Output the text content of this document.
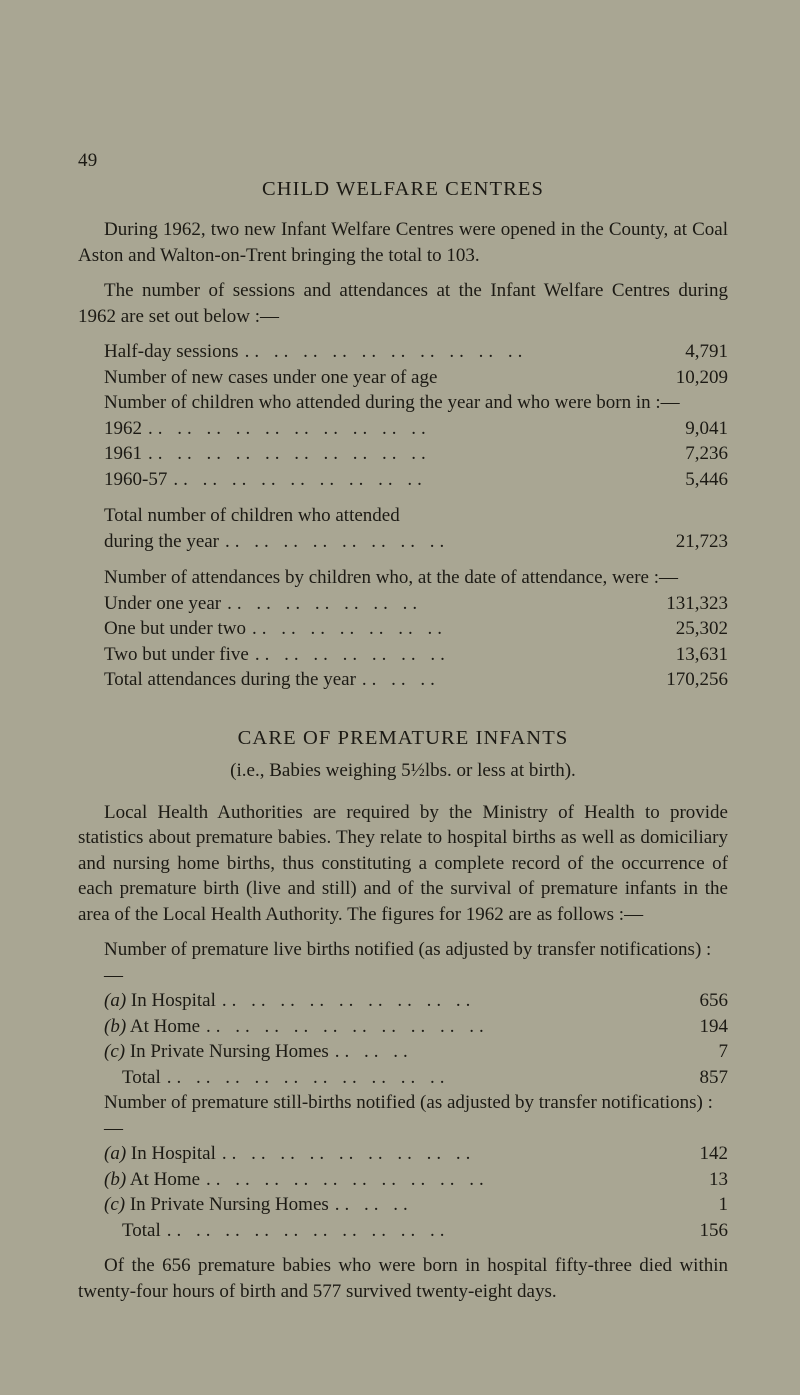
49
CHILD WELFARE CENTRES

During 1962, two new Infant Welfare Centres were opened in the County, at Coal Aston and Walton-on-Trent bringing the total to 103.

The number of sessions and attendances at the Infant Welfare Centres during 1962 are set out below :—

Half-day sessions .. .. .. .. .. .. .. .. .. ..	4,791
Number of new cases under one year of age	10,209
Number of children who attended during the year and who were born in :—
1962 .. .. .. .. .. .. .. .. .. ..	9,041
1961 .. .. .. .. .. .. .. .. .. ..	7,236
1960-57 .. .. .. .. .. .. .. .. ..	5,446
Total number of children who attended
during the year .. .. .. .. .. .. .. ..	21,723
Number of attendances by children who, at the date of attendance, were :—
Under one year .. .. .. .. .. .. ..	131,323
One but under two .. .. .. .. .. .. ..	25,302
Two but under five .. .. .. .. .. .. ..	13,631
Total attendances during the year .. .. ..	170,256
CARE OF PREMATURE INFANTS

(i.e., Babies weighing 5½lbs. or less at birth).

Local Health Authorities are required by the Ministry of Health to provide statistics about premature babies. They relate to hospital births as well as domiciliary and nursing home births, thus constituting a complete record of the occurrence of each premature birth (live and still) and of the survival of premature infants in the area of the Local Health Authority. The figures for 1962 are as follows :—

Number of premature live births notified (as adjusted by transfer notifications) :—
(a) In Hospital .. .. .. .. .. .. .. .. ..	656
(b) At Home .. .. .. .. .. .. .. .. .. ..	194
(c) In Private Nursing Homes .. .. ..	7
Total .. .. .. .. .. .. .. .. .. ..	857
Number of premature still-births notified (as adjusted by transfer notifications) :—
(a) In Hospital .. .. .. .. .. .. .. .. ..	142
(b) At Home .. .. .. .. .. .. .. .. .. ..	13
(c) In Private Nursing Homes .. .. ..	1
Total .. .. .. .. .. .. .. .. .. ..	156

Of the 656 premature babies who were born in hospital fifty-three died within twenty-four hours of birth and 577 survived twenty-eight days.
